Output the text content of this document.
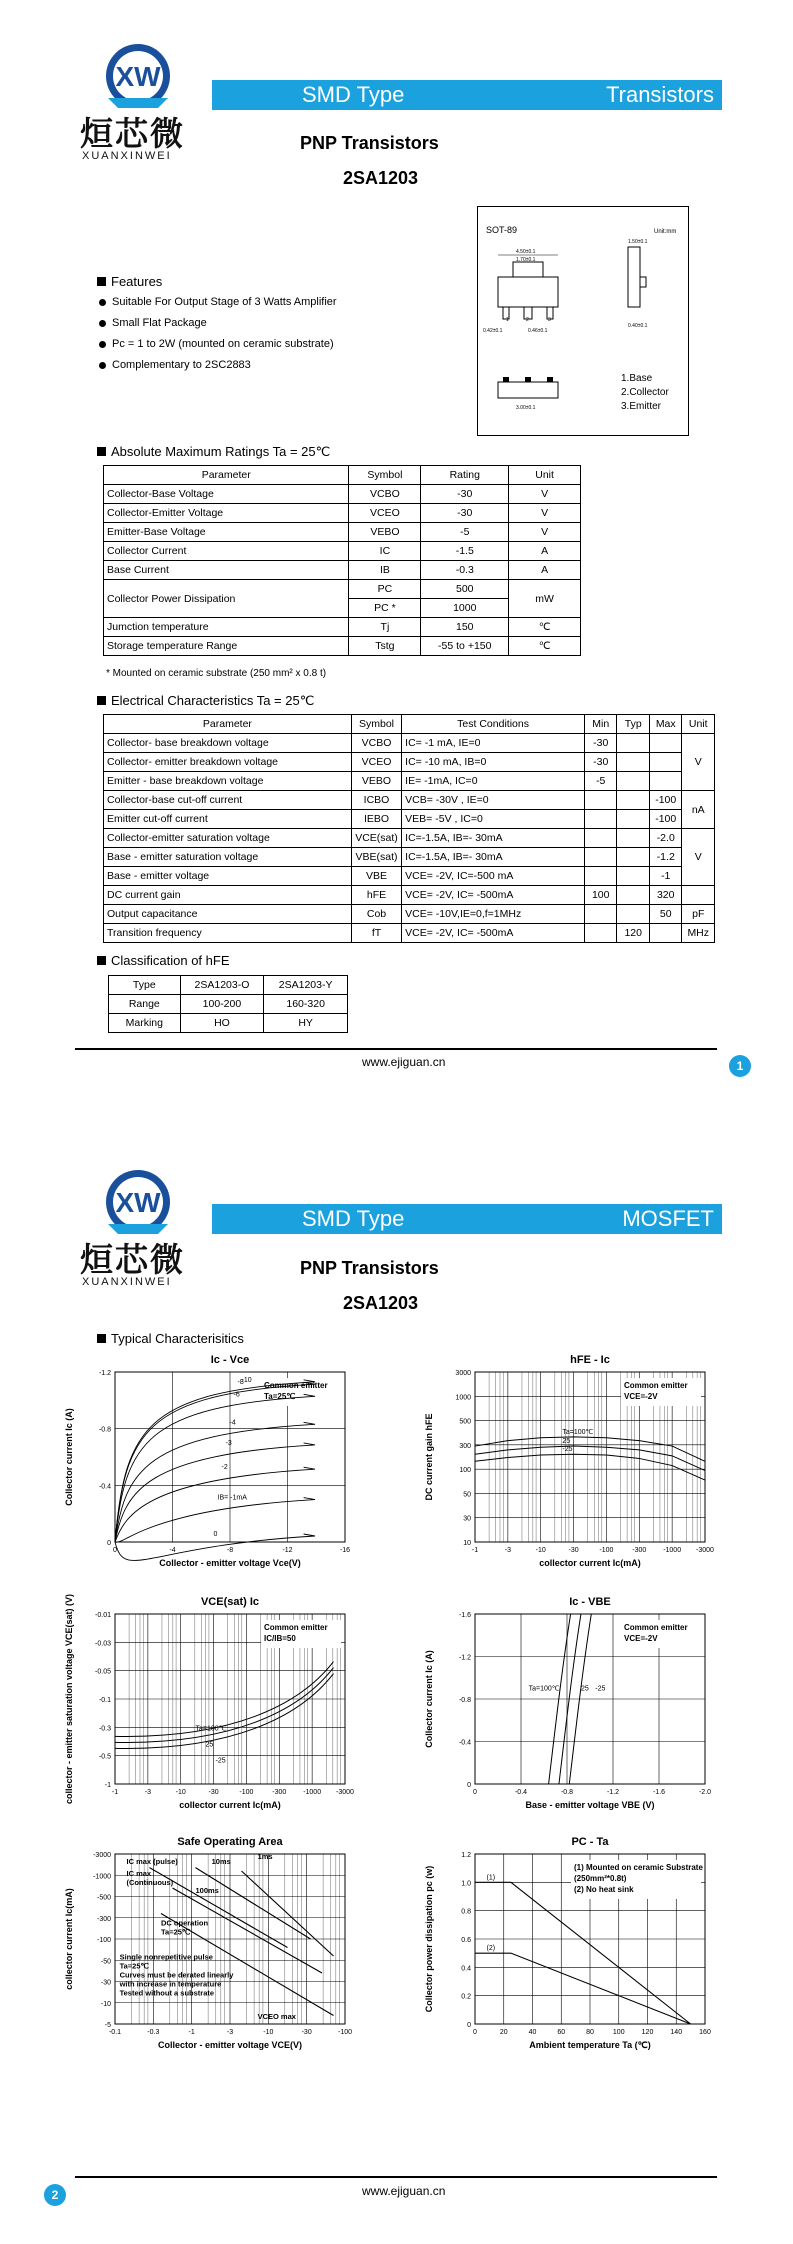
XW
烜芯微
XUANXINWEI
SMD Type	Transistors
PNP Transistors
2SA1203
SOT-89	Unit:mm
4.50±0.1
1.70±0.1
0.42±0.1	0.46±0.1
1	2	3
1.50±0.1
0.40±0.1
3.00±0.1
1.Base
2.Collector
3.Emitter
Features
Suitable For Output Stage of 3 Watts Amplifier
Small Flat Package
Pc = 1 to 2W (mounted on ceramic substrate)
Complementary to 2SC2883
Absolute Maximum Ratings Ta = 25℃
Parameter	Symbol	Rating	Unit
Collector-Base Voltage	VCBO	-30	V
Collector-Emitter Voltage	VCEO	-30	V
Emitter-Base Voltage	VEBO	-5	V
Collector Current	IC	-1.5	A
Base Current	IB	-0.3	A
Collector Power Dissipation	PC	500	mW
	PC *	1000	
Jumction temperature	Tj	150	℃
Storage temperature Range	Tstg	-55 to +150	℃
* Mounted on ceramic substrate (250 mm² x 0.8 t)
Electrical Characteristics Ta = 25℃
Parameter	Symbol	Test Conditions	Min	Typ	Max	Unit
Collector- base breakdown voltage	VCBO	IC= -1 mA, IE=0	-30			V
Collector- emitter breakdown voltage	VCEO	IC= -10 mA, IB=0	-30			
Emitter - base breakdown voltage	VEBO	IE= -1mA, IC=0	-5			
Collector-base cut-off current	ICBO	VCB= -30V , IE=0			-100	nA
Emitter cut-off current	IEBO	VEB= -5V , IC=0			-100	
Collector-emitter saturation voltage	VCE(sat)	IC=-1.5A, IB=- 30mA			-2.0	V
Base - emitter saturation voltage	VBE(sat)	IC=-1.5A, IB=- 30mA			-1.2	
Base - emitter voltage	VBE	VCE= -2V, IC=-500 mA			-1	
DC current gain	hFE	VCE= -2V, IC= -500mA	100		320	
Output capacitance	Cob	VCE= -10V,IE=0,f=1MHz			50	pF
Transition frequency	fT	VCE= -2V, IC= -500mA		120		MHz
Classification of hFE
Type	2SA1203-O	2SA1203-Y
Range	100-200	160-320
Marking	HO	HY
www.ejiguan.cn	1
XW
烜芯微
XUANXINWEI
SMD Type	MOSFET
PNP Transistors
2SA1203
Typical Characterisitics
Ic - Vce
0	-4	-8	-12	-16
-1.2
-0.8
-0.4
0
Collector - emitter voltage Vce(V)
Collector current Ic (A)
Common emitter
Ta=25℃
-10
-8
-6
-4
-3
-2
IB= -1mA
0
hFE - Ic
-1	-3	-10	-30	-100	-300 -1000 -3000
3000
1000
500
300
100
50
30
10
collector current Ic(mA)
DC current gain hFE
Common emitter
VCE=-2V
Ta=100℃
25
-25
VCE(sat) Ic
-1	-3	-10	-30	-100	-300 -1000 -3000
-0.01
-0.03
-0.05
-0.1
-0.3
-0.5
-1
collector current Ic(mA)
collector - emitter saturation voltage VCE(sat) (V)	Common emitter
IC/IB=50
Ta=100℃
25
-25
Ic - VBE
0	-0.4	-0.8	-1.2	-1.6	-2.0
-1.6
-1.2
-0.8
-0.4
0
Base - emitter voltage VBE (V)
Collector current Ic (A)
Common emitter
VCE=-2V
Ta=100℃	25 -25
Safe Operating Area
-0.1	-0.3	-1	-3	-10	-30	-100
-3000
-1000
-500
-300
-100
-50
-30
-10
-5
Collector - emitter voltage VCE(V)
collector current Ic(mA)
IC max (pulse)
IC max
(Continuous)
10ms
1ms
100ms
DC operation
Ta=25℃
VCEO max
Single nonrepetitive pulse
Ta=25℃
Curves must be derated linearly
with increase in temperature
Tested without a substrate
PC - Ta
0	20	40	60	80	100 120 140 160
1.2
1.0
0.8
0.6
0.4
0.2
0
Ambient temperature Ta (℃)
Collector power dissipation pc (w)	(1) Mounted on ceramic Substrate
(250mm²*0.8t)
(2) No heat sink
(1)
(2)
www.ejiguan.cn
2
